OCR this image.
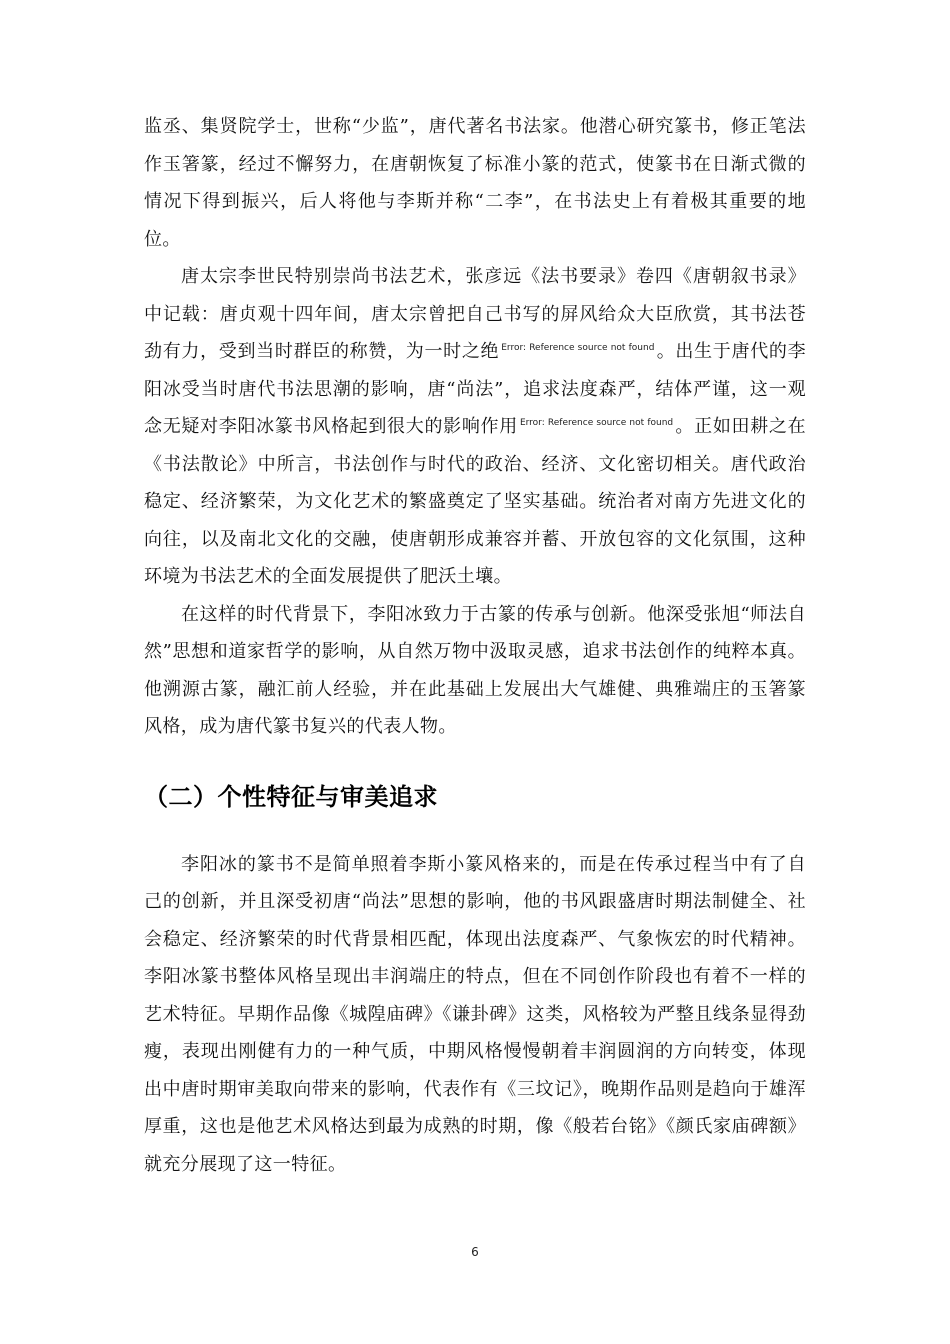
监丞、集贤院学士，世称“少监”，唐代著名书法家。他潜心研究篆书，修正笔法作玉箸篆，经过不懈努力，在唐朝恢复了标准小篆的范式，使篆书在日渐式微的情况下得到振兴，后人将他与李斯并称“二李”，在书法史上有着极其重要的地位。

唐太宗李世民特别崇尚书法艺术，张彦远《法书要录》卷四《唐朝叙书录》中记载：唐贞观十四年间，唐太宗曾把自己书写的屏风给众大臣欣赏，其书法苍劲有力，受到当时群臣的称赞，为一时之绝 $^{Error: Reference source not found}$ 。出生于唐代的李阳冰受当时唐代书法思潮的影响，唐“尚法”，追求法度森严，结体严谨，这一观念无疑对李阳冰篆书风格起到很大的影响作用 $^{Error: Reference source not found}$ 。正如田耕之在《书法散论》中所言，书法创作与时代的政治、经济、文化密切相关。唐代政治稳定、经济繁荣，为文化艺术的繁盛奠定了坚实基础。统治者对南方先进文化的向往，以及南北文化的交融，使唐朝形成兼容并蓄、开放包容的文化氛围，这种环境为书法艺术的全面发展提供了肥沃土壤。

在这样的时代背景下，李阳冰致力于古篆的传承与创新。他深受张旭“师法自然”思想和道家哲学的影响，从自然万物中汲取灵感，追求书法创作的纯粹本真。他溯源古篆，融汇前人经验，并在此基础上发展出大气雄健、典雅端庄的玉箸篆风格，成为唐代篆书复兴的代表人物。

（二）个性特征与审美追求

李阳冰的篆书不是简单照着李斯小篆风格来的，而是在传承过程当中有了自己的创新，并且深受初唐“尚法”思想的影响，他的书风跟盛唐时期法制健全、社会稳定、经济繁荣的时代背景相匹配，体现出法度森严、气象恢宏的时代精神。李阳冰篆书整体风格呈现出丰润端庄的特点，但在不同创作阶段也有着不一样的艺术特征。早期作品像《城隍庙碑》《谦卦碑》这类，风格较为严整且线条显得劲瘦，表现出刚健有力的一种气质，中期风格慢慢朝着丰润圆润的方向转变，体现出中唐时期审美取向带来的影响，代表作有《三坟记》，晚期作品则是趋向于雄浑厚重，这也是他艺术风格达到最为成熟的时期，像《般若台铭》《颜氏家庙碑额》就充分展现了这一特征。

6
